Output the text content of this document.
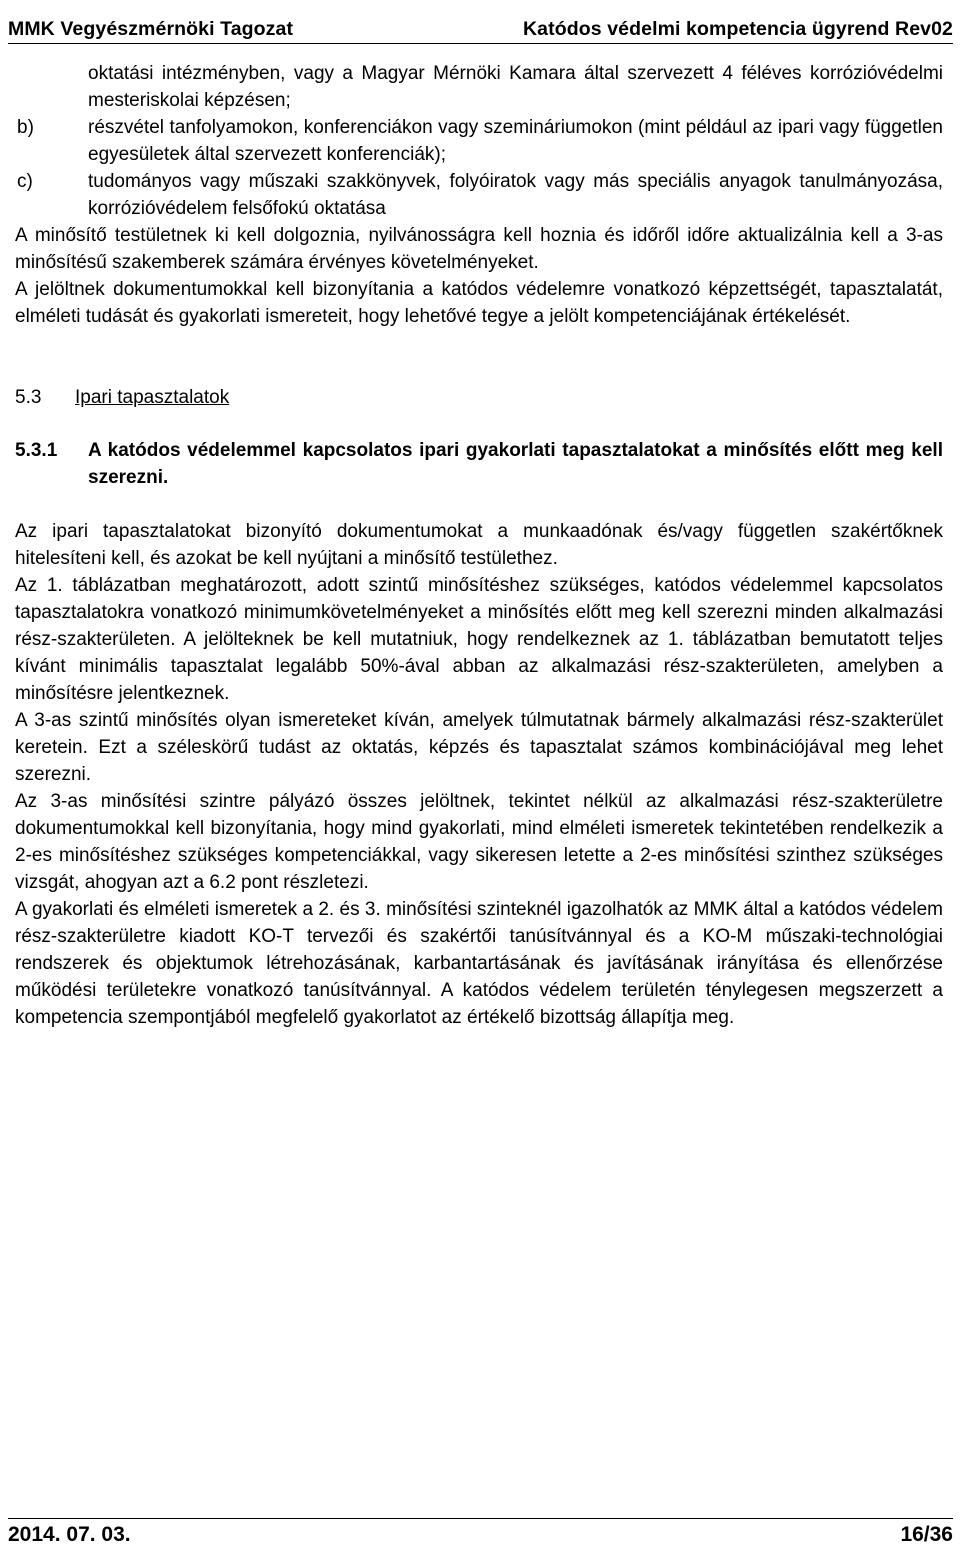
MMK Vegyészmérnöki Tagozat	Katódos védelmi kompetencia ügyrend Rev02

oktatási intézményben, vagy a Magyar Mérnöki Kamara által szervezett 4 féléves korrózióvédelmi mesteriskolai képzésen;

b)	részvétel tanfolyamokon, konferenciákon vagy szemináriumokon (mint például az ipari vagy független egyesületek által szervezett konferenciák);
c)	tudományos vagy műszaki szakkönyvek, folyóiratok vagy más speciális anyagok tanulmányozása, korrózióvédelem felsőfokú oktatása

A minősítő testületnek ki kell dolgoznia, nyilvánosságra kell hoznia és időről időre aktualizálnia kell a 3-as minősítésű szakemberek számára érvényes követelményeket.

A jelöltnek dokumentumokkal kell bizonyítania a katódos védelemre vonatkozó képzettségét, tapasztalatát, elméleti tudását és gyakorlati ismereteit, hogy lehetővé tegye a jelölt kompetenciájának értékelését.

5.3	Ipari tapasztalatok
5.3.1	A katódos védelemmel kapcsolatos ipari gyakorlati tapasztalatokat a minősítés előtt meg kell szerezni.

Az ipari tapasztalatokat bizonyító dokumentumokat a munkaadónak és/vagy független szakértőknek hitelesíteni kell, és azokat be kell nyújtani a minősítő testülethez.

Az 1. táblázatban meghatározott, adott szintű minősítéshez szükséges, katódos védelemmel kapcsolatos tapasztalatokra vonatkozó minimumkövetelményeket a minősítés előtt meg kell szerezni minden alkalmazási rész-szakterületen. A jelölteknek be kell mutatniuk, hogy rendelkeznek az 1. táblázatban bemutatott teljes kívánt minimális tapasztalat legalább 50%-ával abban az alkalmazási rész-szakterületen, amelyben a minősítésre jelentkeznek.

A 3-as szintű minősítés olyan ismereteket kíván, amelyek túlmutatnak bármely alkalmazási rész-szakterület keretein. Ezt a széleskörű tudást az oktatás, képzés és tapasztalat számos kombinációjával meg lehet szerezni.

Az 3-as minősítési szintre pályázó összes jelöltnek, tekintet nélkül az alkalmazási rész-szakterületre dokumentumokkal kell bizonyítania, hogy mind gyakorlati, mind elméleti ismeretek tekintetében rendelkezik a 2-es minősítéshez szükséges kompetenciákkal, vagy sikeresen letette a 2-es minősítési szinthez szükséges vizsgát, ahogyan azt a 6.2 pont részletezi.

A gyakorlati és elméleti ismeretek a 2. és 3. minősítési szinteknél igazolhatók az MMK által a katódos védelem rész-szakterületre kiadott KO-T tervezői és szakértői tanúsítvánnyal és a KO-M műszaki-technológiai rendszerek és objektumok létrehozásának, karbantartásának és javításának irányítása és ellenőrzése működési területekre vonatkozó tanúsítvánnyal. A katódos védelem területén ténylegesen megszerzett a kompetencia szempontjából megfelelő gyakorlatot az értékelő bizottság állapítja meg.

2014. 07. 03.	16/36
